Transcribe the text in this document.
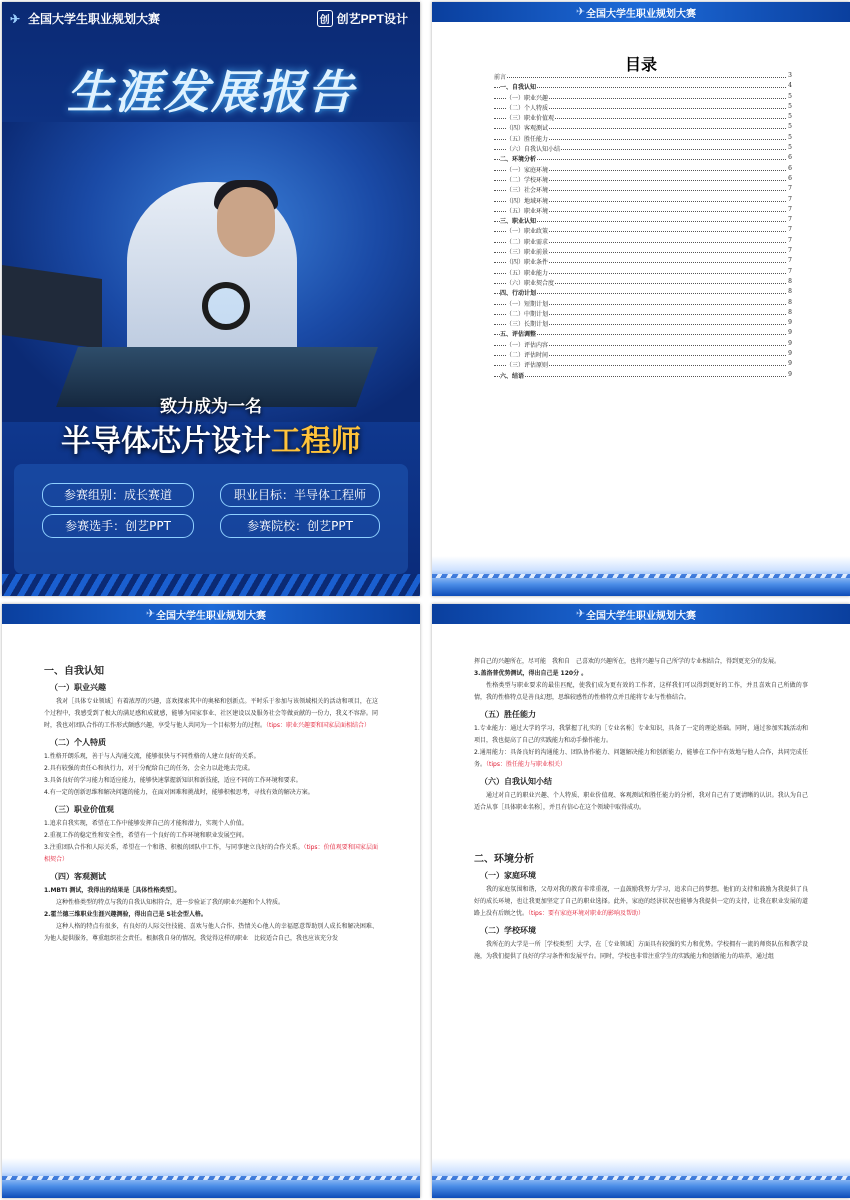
✈ 全国大学生职业规划大赛	创 创艺PPT设计
生涯发展报告
致力成为一名
半导体芯片设计工程师
参赛组别：成长赛道	职业目标：半导体工程师
参赛选手：创艺PPT	参赛院校：创艺PPT
✈ 全国大学生职业规划大赛
目录
前言	3
一、自我认知	4
（一）职业兴趣	5
（二）个人特质	5
（三）职业价值观	5
（四）客观测试	5
（五）胜任能力	5
（六）自我认知小结	5
二、环境分析	6
（一）家庭环境	6
（二）学校环境	6
（三）社会环境	7
（四）地域环境	7
（五）职业环境	7
三、职业认知	7
（一）职业政策	7
（二）职业需求	7
（三）职业前景	7
（四）职业条件	7
（五）职业能力	7
（六）职业契合度	8
四、行动计划	8
（一）短期计划	8
（二）中期计划	8
（三）长期计划	9
五、评估调整	9
（一）评估内容	9
（二）评估时间	9
（三）评估原则	9
六、结语	9
✈ 全国大学生职业规划大赛
一、自我认知
（一）职业兴趣

我对［具体专业领域］有着浓厚的兴趣，喜欢探索其中的奥秘和创新点。平时乐于参加与该领域相关的活动和项目，在这个过程中，我感受到了极大的满足感和成就感，能够为国家事业、社区建设以及服务社会等做贡献的一份力，我义不容辞。同时，我也对团队合作的工作形式颇感兴趣，享受与他人共同为一个目标努力的过程。（tips：职业兴趣要和国家层面相结合）

（二）个人特质

1.性格开朗乐观，善于与人沟通交流，能够很快与不同性格的人建立良好的关系。

2.具有较强的责任心和执行力，对于分配给自己的任务，会全力以赴地去完成。

3.具备良好的学习能力和适应能力，能够快速掌握新知识和新技能，适应不同的工作环境和要求。

4.有一定的创新思维和解决问题的能力，在面对困难和挑战时，能够积极思考，寻找有效的解决方案。

（三）职业价值观

1.追求自我实现，希望在工作中能够发挥自己的才能和潜力，实现个人价值。

2.重视工作的稳定性和安全性，希望有一个良好的工作环境和职业发展空间。

3.注重团队合作和人际关系，希望在一个和谐、积极的团队中工作，与同事建立良好的合作关系。（tips：价值观要和国家层面相契合）

（四）客观测试

1.MBTI 测试，我得出的结果是［具体性格类型］。

这种性格类型的特点与我的自我认知相符合，进一步验证了我的职业兴趣和个人特质。

2.霍兰德三维职业生涯兴趣测验，得出自己是 S社会型人格。

这种人格的特点有很多，有良好的人际交往技能、喜欢与他人合作、热情关心他人的幸福愿意帮助别人成长和解决困难、为他人提供服务，尊重组织社会责任。根据我自身的情况，我觉得这样的职业　比较适合自己，我也应该充分发

✈ 全国大学生职业规划大赛

挥自己的兴趣所在，尽可能　我和自　己喜欢的兴趣所在，也将兴趣与自己所学的专业相结合，得到更充分的发展。

3.盖洛普优势测试，得出自己是 120分 。

性格类型与职业要求的最佳匹配，使我们成为更有效的工作者，这样我们可以得到更好的工作，并且喜欢自己所做的事情，我的性格特点是善良幻想，思维较感性的性格特点并且能将专业与性格结合。

（五）胜任能力

1.专业能力：通过大学的学习，我掌握了扎实的［专业名称］专业知识，具备了一定的理论基础。同时，通过参加实践活动和项目，我也提高了自己的实践能力和动手操作能力。

2.通用能力：具备良好的沟通能力、团队协作能力、问题解决能力和创新能力，能够在工作中有效地与他人合作，共同完成任务。（tips：胜任能力与职业相关）

（六）自我认知小结

通过对自己的职业兴趣、个人特质、职业价值观、客观测试和胜任能力的分析，我对自己有了更清晰的认识。我认为自己适合从事［具体职业名称］，并且有信心在这个领域中取得成功。

二、环境分析
（一）家庭环境

我的家庭氛围和谐，父母对我的教育非常重视，一直鼓励我努力学习，追求自己的梦想。他们的支持和鼓励为我提供了良好的成长环境，也让我更加坚定了自己的职业选择。此外，家庭的经济状况也能够为我提供一定的支持，让我在职业发展的道路上没有后顾之忧。（tips：要有家庭环境对职业的影响及帮助）

（二）学校环境

我所在的大学是一所［学校类型］大学，在［专业领域］方面具有较强的实力和优势。学校拥有一流的师资队伍和教学设施，为我们提供了良好的学习条件和发展平台。同时，学校也非常注重学生的实践能力和创新能力的培养，通过组
